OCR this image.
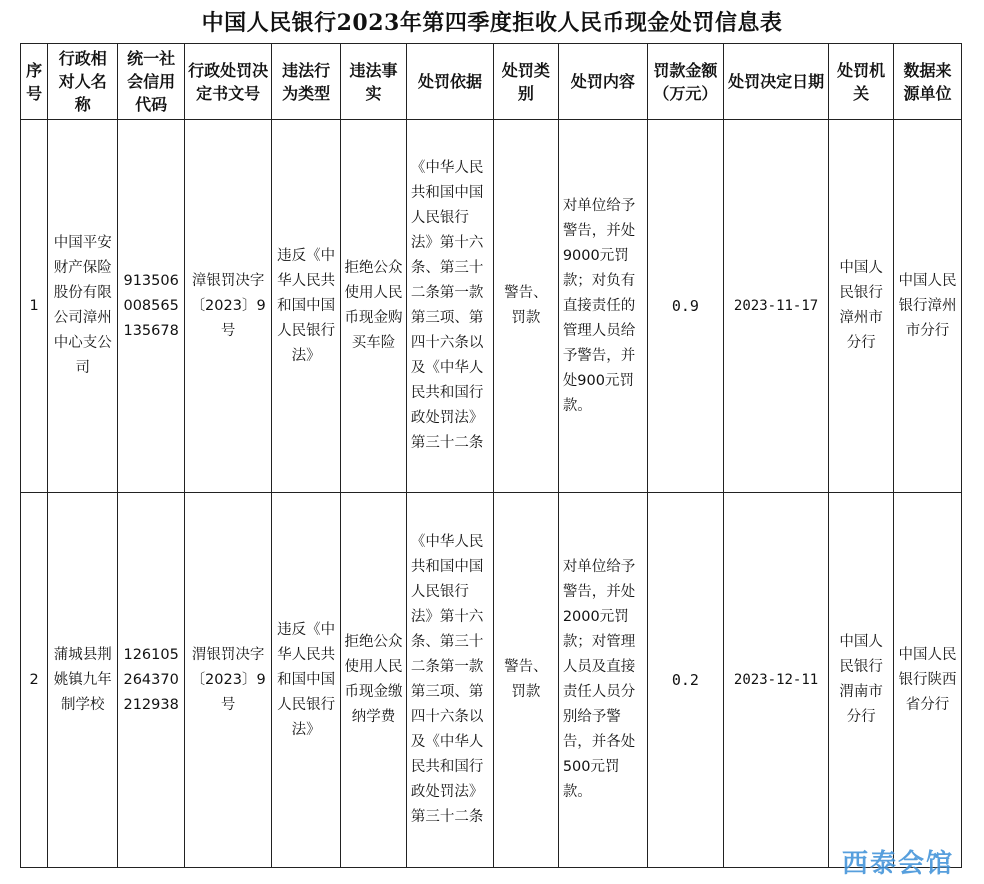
中国人民银行2023年第四季度拒收人民币现金处罚信息表
序号	行政相对人名称	统一社会信用代码	行政处罚决定书文号	违法行为类型	违法事实	处罚依据	处罚类别	处罚内容	罚款金额（万元）	处罚决定日期	处罚机关	数据来源单位
1	中国平安财产保险股份有限公司漳州中心支公司	913506008565135678	漳银罚决字〔2023〕9号	违反《中华人民共和国中国人民银行法》	拒绝公众使用人民币现金购买车险	《中华人民共和国中国人民银行法》第十六条、第三十二条第一款第三项、第四十六条以及《中华人民共和国行政处罚法》第三十二条	警告、罚款	对单位给予警告，并处9000元罚款；对负有直接责任的管理人员给予警告，并处900元罚款。	0.9	2023-11-17	中国人民银行漳州市分行	中国人民银行漳州市分行
2	蒲城县荆姚镇九年制学校	126105264370212938	渭银罚决字〔2023〕9号	违反《中华人民共和国中国人民银行法》	拒绝公众使用人民币现金缴纳学费	《中华人民共和国中国人民银行法》第十六条、第三十二条第一款第三项、第四十六条以及《中华人民共和国行政处罚法》第三十二条	警告、罚款	对单位给予警告，并处2000元罚款；对管理人员及直接责任人员分别给予警告，并各处500元罚款。	0.2	2023-12-11	中国人民银行渭南市分行	中国人民银行陕西省分行
西泰会馆
